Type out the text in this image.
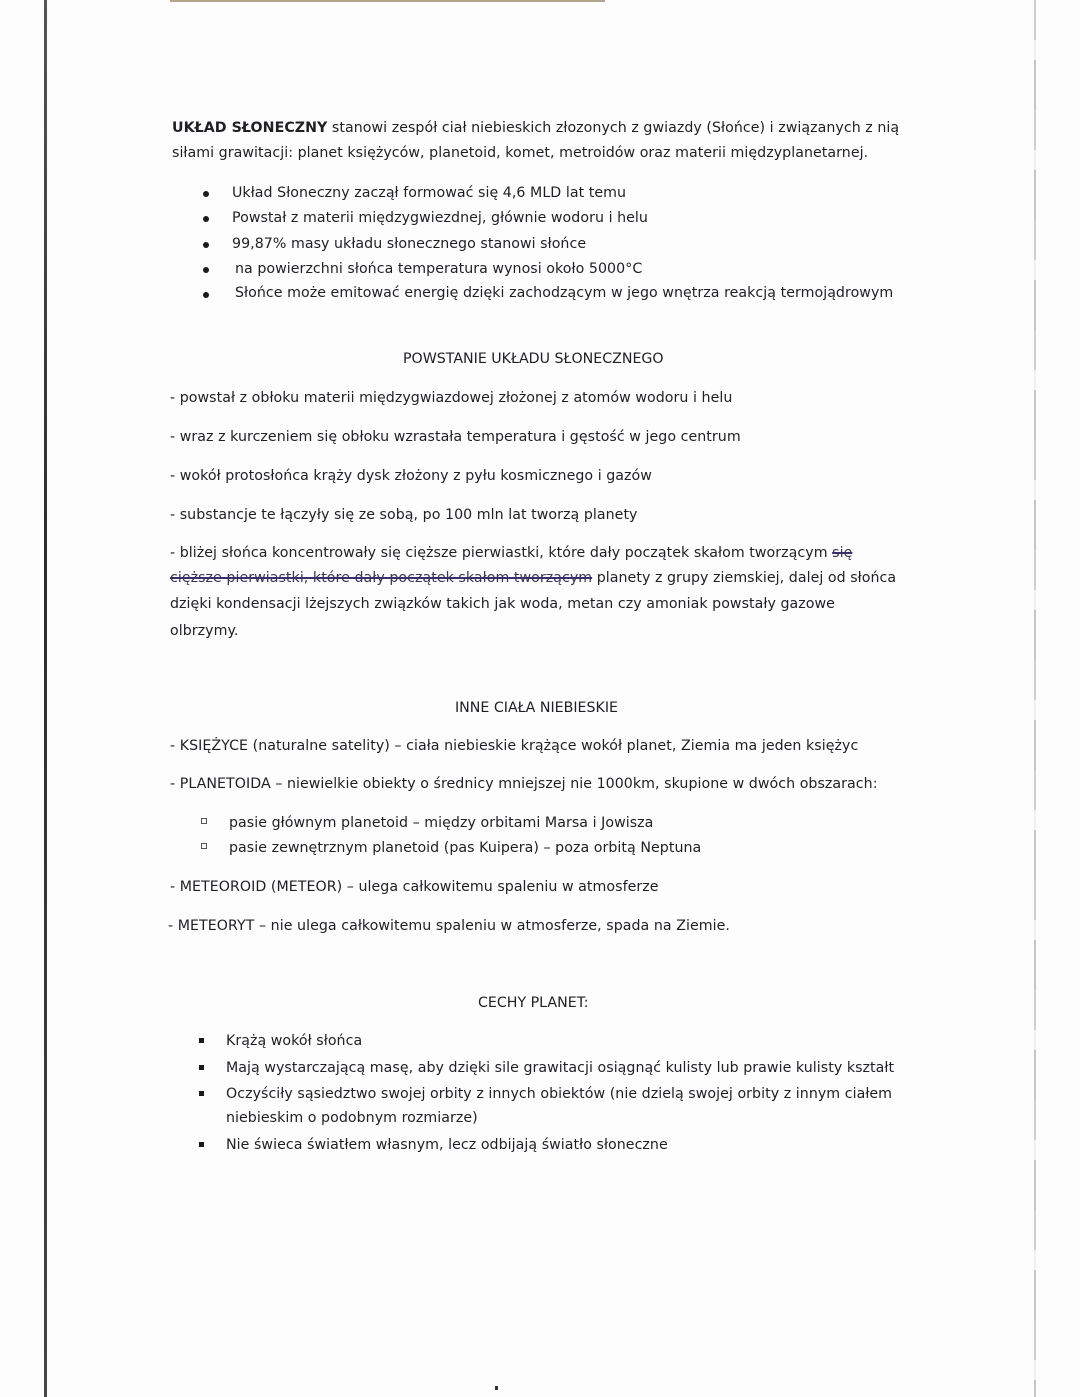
UKŁAD SŁONECZNY stanowi zespół ciał niebieskich złozonych z gwiazdy (Słońce) i związanych z nią
siłami grawitacji: planet księżyców, planetoid, komet, metroidów oraz materii międzyplanetarnej.
Układ Słoneczny zaczął formować się 4,6 MLD lat temu
Powstał z materii międzygwiezdnej, głównie wodoru i helu
99,87% masy układu słonecznego stanowi słońce
na powierzchni słońca temperatura wynosi około 5000°C
Słońce może emitować energię dzięki zachodzącym w jego wnętrza reakcją termojądrowym
POWSTANIE UKŁADU SŁONECZNEGO
- powstał z obłoku materii międzygwiazdowej złożonej z atomów wodoru i helu
- wraz z kurczeniem się obłoku wzrastała temperatura i gęstość w jego centrum
- wokół protosłońca krąży dysk złożony z pyłu kosmicznego i gazów
- substancje te łączyły się ze sobą, po 100 mln lat tworzą planety
- bliżej słońca koncentrowały się cięższe pierwiastki, które dały początek skałom tworzącym się
cięższe pierwiastki, które dały początek skałom tworzącym planety z grupy ziemskiej, dalej od słońca
dzięki kondensacji lżejszych związków takich jak woda, metan czy amoniak powstały gazowe
olbrzymy.
INNE CIAŁA NIEBIESKIE
- KSIĘŻYCE (naturalne satelity) – ciała niebieskie krążące wokół planet, Ziemia ma jeden księżyc
- PLANETOIDA – niewielkie obiekty o średnicy mniejszej nie 1000km, skupione w dwóch obszarach:
pasie głównym planetoid – między orbitami Marsa i Jowisza
pasie zewnętrznym planetoid (pas Kuipera) – poza orbitą Neptuna
- METEOROID (METEOR) – ulega całkowitemu spaleniu w atmosferze
- METEORYT – nie ulega całkowitemu spaleniu w atmosferze, spada na Ziemie.
CECHY PLANET:
Krążą wokół słońca
Mają wystarczającą masę, aby dzięki sile grawitacji osiągnąć kulisty lub prawie kulisty kształt
Oczyściły sąsiedztwo swojej orbity z innych obiektów (nie dzielą swojej orbity z innym ciałem
niebieskim o podobnym rozmiarze)
Nie świeca światłem własnym, lecz odbijają światło słoneczne
